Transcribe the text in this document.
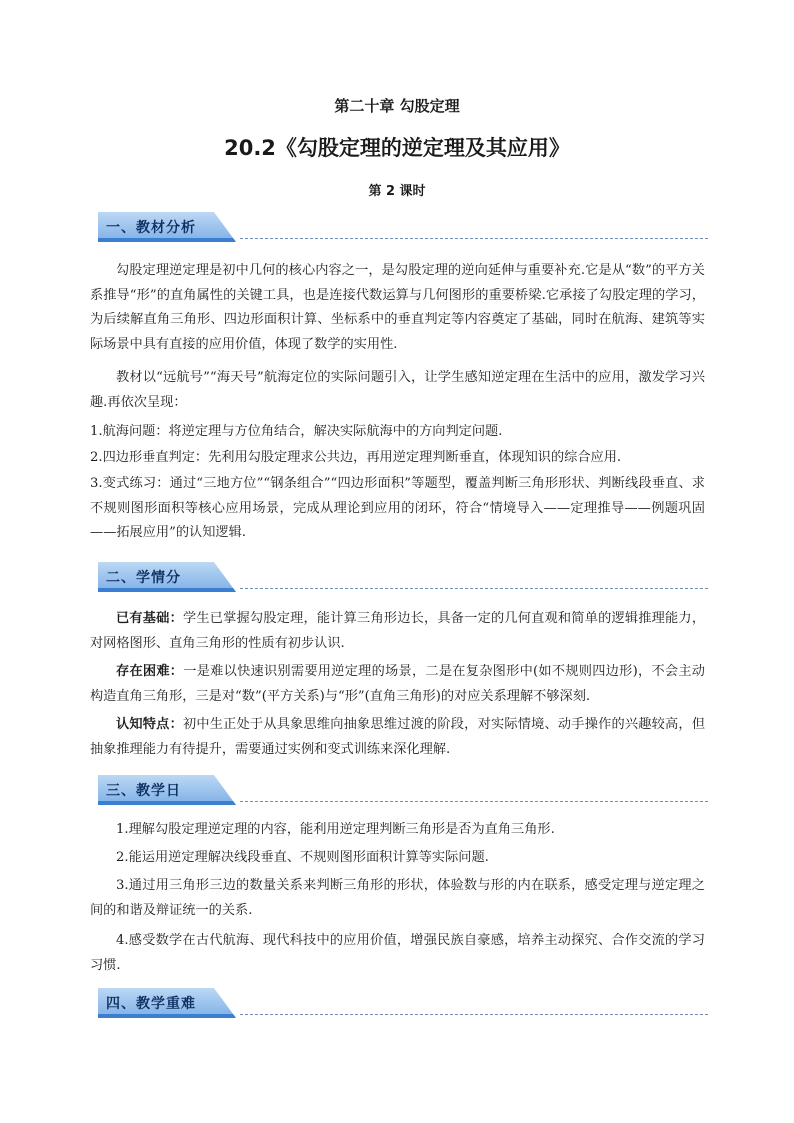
第二十章 勾股定理
20.2《勾股定理的逆定理及其应用》
第 2 课时
一、教材分析

勾股定理逆定理是初中几何的核心内容之一，是勾股定理的逆向延伸与重要补充.它是从“数”的平方关系推导“形”的直角属性的关键工具，也是连接代数运算与几何图形的重要桥梁.它承接了勾股定理的学习，为后续解直角三角形、四边形面积计算、坐标系中的垂直判定等内容奠定了基础，同时在航海、建筑等实际场景中具有直接的应用价值，体现了数学的实用性.

教材以“远航号”“海天号”航海定位的实际问题引入，让学生感知逆定理在生活中的应用，激发学习兴趣.再依次呈现：

1.航海问题：将逆定理与方位角结合，解决实际航海中的方向判定问题.

2.四边形垂直判定：先利用勾股定理求公共边，再用逆定理判断垂直，体现知识的综合应用.

3.变式练习：通过“三地方位”“钢条组合”“四边形面积”等题型，覆盖判断三角形形状、判断线段垂直、求不规则图形面积等核心应用场景，完成从理论到应用的闭环，符合“情境导入——定理推导——例题巩固——拓展应用”的认知逻辑.

二、学情分

已有基础：学生已掌握勾股定理，能计算三角形边长，具备一定的几何直观和简单的逻辑推理能力，对网格图形、直角三角形的性质有初步认识.

存在困难：一是难以快速识别需要用逆定理的场景，二是在复杂图形中(如不规则四边形)，不会主动构造直角三角形，三是对“数”(平方关系)与“形”(直角三角形)的对应关系理解不够深刻.

认知特点：初中生正处于从具象思维向抽象思维过渡的阶段，对实际情境、动手操作的兴趣较高，但抽象推理能力有待提升，需要通过实例和变式训练来深化理解.

三、教学日

1.理解勾股定理逆定理的内容，能利用逆定理判断三角形是否为直角三角形.

2.能运用逆定理解决线段垂直、不规则图形面积计算等实际问题.

3.通过用三角形三边的数量关系来判断三角形的形状，体验数与形的内在联系，感受定理与逆定理之间的和谐及辩证统一的关系.

4.感受数学在古代航海、现代科技中的应用价值，增强民族自豪感，培养主动探究、合作交流的学习习惯.

四、教学重难
